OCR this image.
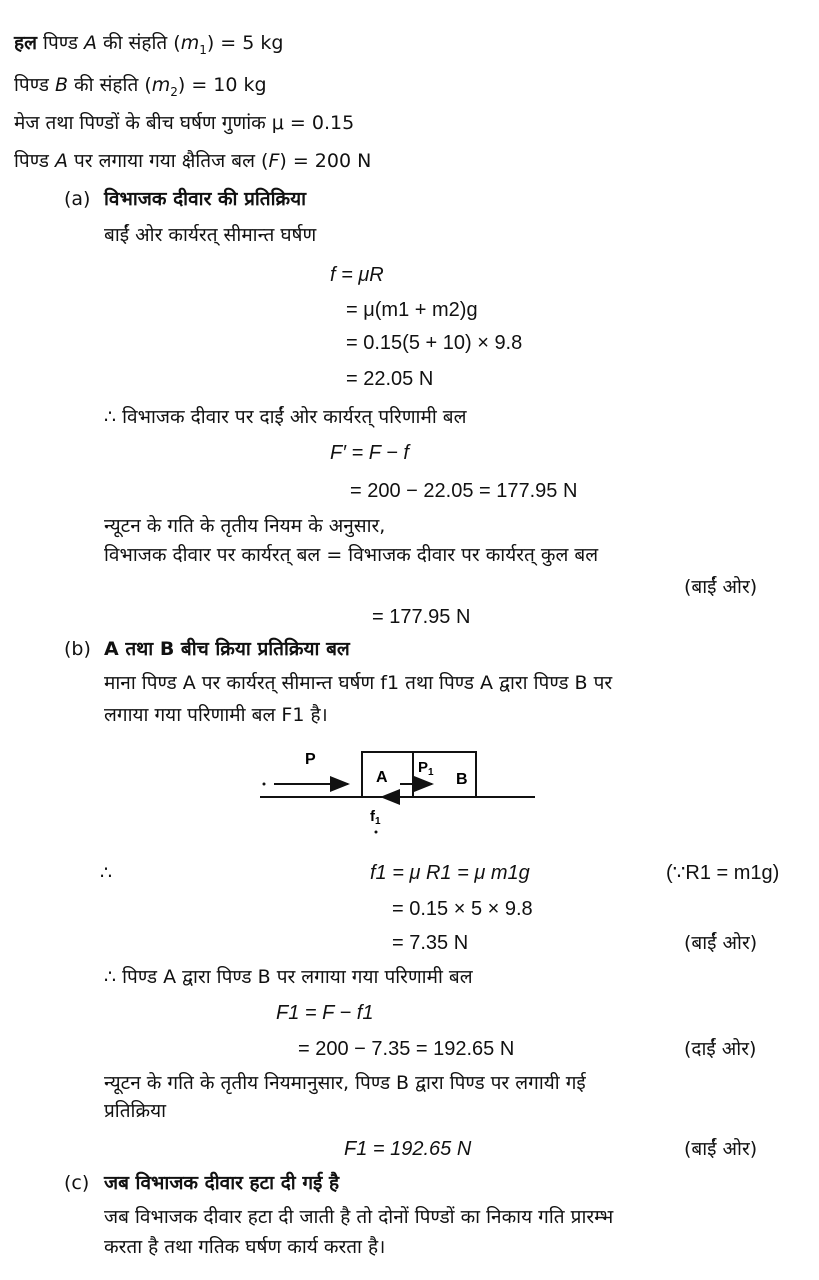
हल पिण्ड A की संहति $(m_1) = 5$ kg
पिण्ड B की संहति $(m_2) = 10$ kg
मेज तथा पिण्डों के बीच घर्षण गुणांक μ = 0.15
पिण्ड A पर लगाया गया क्षैतिज बल (F) = 200 N
(a) विभाजक दीवार की प्रतिक्रिया
बाईं ओर कार्यरत् सीमान्त घर्षण
f = μR
= μ(m1 + m2)g
= 0.15(5 + 10) × 9.8
= 22.05 N
∴ विभाजक दीवार पर दाईं ओर कार्यरत् परिणामी बल
F′ = F − f
= 200 − 22.05 = 177.95 N
न्यूटन के गति के तृतीय नियम के अनुसार,
विभाजक दीवार पर कार्यरत् बल = विभाजक दीवार पर कार्यरत् कुल बल
(बाईं ओर)
= 177.95 N
(b) A तथा B बीच क्रिया प्रतिक्रिया बल
माना पिण्ड A पर कार्यरत् सीमान्त घर्षण f1 तथा पिण्ड A द्वारा पिण्ड B पर
लगाया गया परिणामी बल F1 है।
P
A
$P_1$ B
$f_1$
∴	f1 = μ R1 = μ m1g	(∵R1 = m1g)
= 0.15 × 5 × 9.8
= 7.35 N	(बाईं ओर)
∴ पिण्ड A द्वारा पिण्ड B पर लगाया गया परिणामी बल
F1 = F − f1
= 200 − 7.35 = 192.65 N	(दाईं ओर)
न्यूटन के गति के तृतीय नियमानुसार, पिण्ड B द्वारा पिण्ड पर लगायी गई
प्रतिक्रिया
F1 = 192.65 N	(बाईं ओर)
(c) जब विभाजक दीवार हटा दी गई है
जब विभाजक दीवार हटा दी जाती है तो दोनों पिण्डों का निकाय गति प्रारम्भ
करता है तथा गतिक घर्षण कार्य करता है।
